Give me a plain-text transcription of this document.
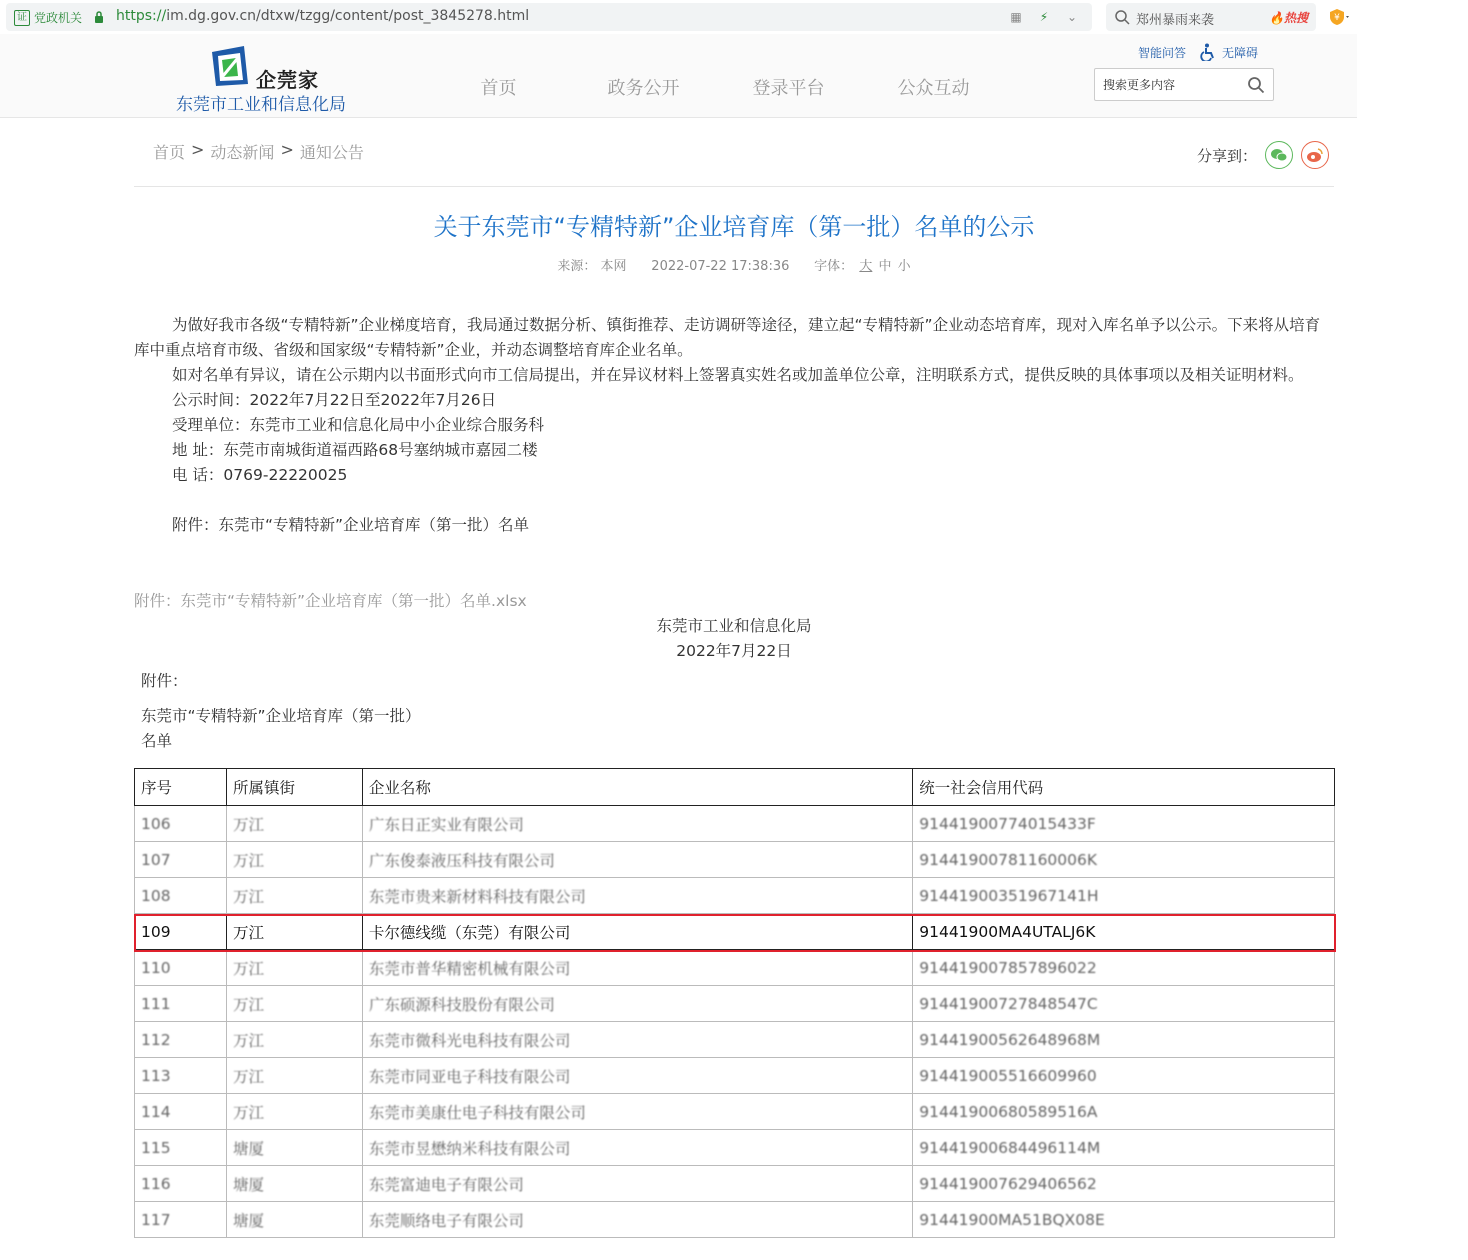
证 党政机关 https://im.dg.gov.cn/dtxw/tzgg/content/post_3845278.html	▦	⚡	⌄	郑州暴雨来袭	🔥热搜	¥
企莞家
东莞市工业和信息化局
首页	政务公开	登录平台	公众互动
智能问答	无障碍
搜索更多内容
首页 > 动态新闻 > 通知公告	分享到：
关于东莞市“专精特新”企业培育库（第一批）名单的公示
来源： 本网 2022-07-22 17:38:36 字体： 大 中 小

为做好我市各级“专精特新”企业梯度培育，我局通过数据分析、镇街推荐、走访调研等途径，建立起“专精特新”企业动态培育库，现对入库名单予以公示。下来将从培育库中重点培育市级、省级和国家级“专精特新”企业，并动态调整培育库企业名单。

如对名单有异议，请在公示期内以书面形式向市工信局提出，并在异议材料上签署真实姓名或加盖单位公章，注明联系方式，提供反映的具体事项以及相关证明材料。

公示时间：2022年7月22日至2022年7月26日

受理单位：东莞市工业和信息化局中小企业综合服务科

地 址：东莞市南城街道福西路68号塞纳城市嘉园二楼

电 话：0769-22220025

附件：东莞市“专精特新”企业培育库（第一批）名单

附件：东莞市“专精特新”企业培育库（第一批）名单.xlsx
东莞市工业和信息化局
2022年7月22日
附件：
东莞市“专精特新”企业培育库（第一批）
名单
序号	所属镇街	企业名称	统一社会信用代码
106	万江	广东日正实业有限公司	91441900774015433F
107	万江	广东俊泰液压科技有限公司	91441900781160006K
108	万江	东莞市贵来新材料科技有限公司	91441900351967141H
109	万江	卡尔德线缆（东莞）有限公司	91441900MA4UTALJ6K
110	万江	东莞市普华精密机械有限公司	914419007857896022
111	万江	广东硕源科技股份有限公司	91441900727848547C
112	万江	东莞市微科光电科技有限公司	91441900562648968M
113	万江	东莞市同亚电子科技有限公司	914419005516609960
114	万江	东莞市美康仕电子科技有限公司	91441900680589516A
115	塘厦	东莞市昱懋纳米科技有限公司	91441900684496114M
116	塘厦	东莞富迪电子有限公司	914419007629406562
117	塘厦	东莞顺络电子有限公司	91441900MA51BQX08E
